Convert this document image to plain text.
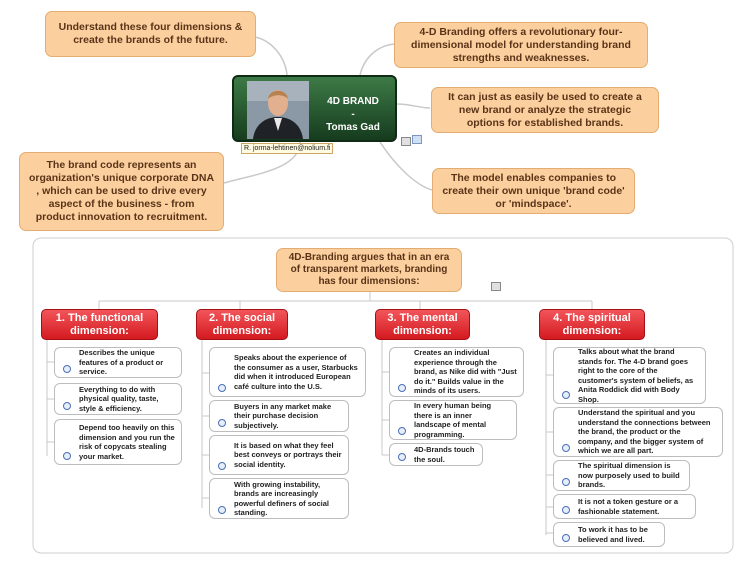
Understand these four dimensions & create the brands of the future.
4-D Branding offers a revolutionary four-dimensional model for understanding brand strengths and weaknesses.
It can just as easily be used to create a new brand or analyze the strategic options for established brands.
The brand code represents an organization's unique corporate DNA , which can be used to drive every aspect of the business - from product innovation to recruitment.
The model enables companies to create their own unique 'brand code' or 'mindspace'.
4D BRAND
-
Tomas Gad
R. jorma-lehtinen@nolium.fi
4D-Branding argues that in an era of transparent markets, branding has four dimensions:
1. The functional dimension:
2. The social dimension:
3. The mental dimension:
4. The spiritual dimension:
Describes the unique features of a product or service.
Everything to do with physical quality, taste, style & efficiency.
Depend too heavily on this dimension and you run the risk of copycats stealing your market.
Speaks about the experience of the consumer as a user, Starbucks did when it introduced European café culture into the U.S.
Buyers in any market make their purchase decision subjectively.
It is based on what they feel best conveys or portrays their social identity.
With growing instability, brands are increasingly powerful definers of social standing.
Creates an individual experience through the brand, as Nike did with "Just do it." Builds value in the minds of its users.
In every human being there is an inner landscape of mental programming.
4D-Brands touch the soul.
Talks about what the brand stands for. The 4-D brand goes right to the core of the customer's system of beliefs, as Anita Roddick did with Body Shop.
Understand the spiritual and you understand the connections between the brand, the product or the company, and the bigger system of which we are all part.
The spiritual dimension is now purposely used to build brands.
It is not a token gesture or a fashionable statement.
To work it has to be believed and lived.
